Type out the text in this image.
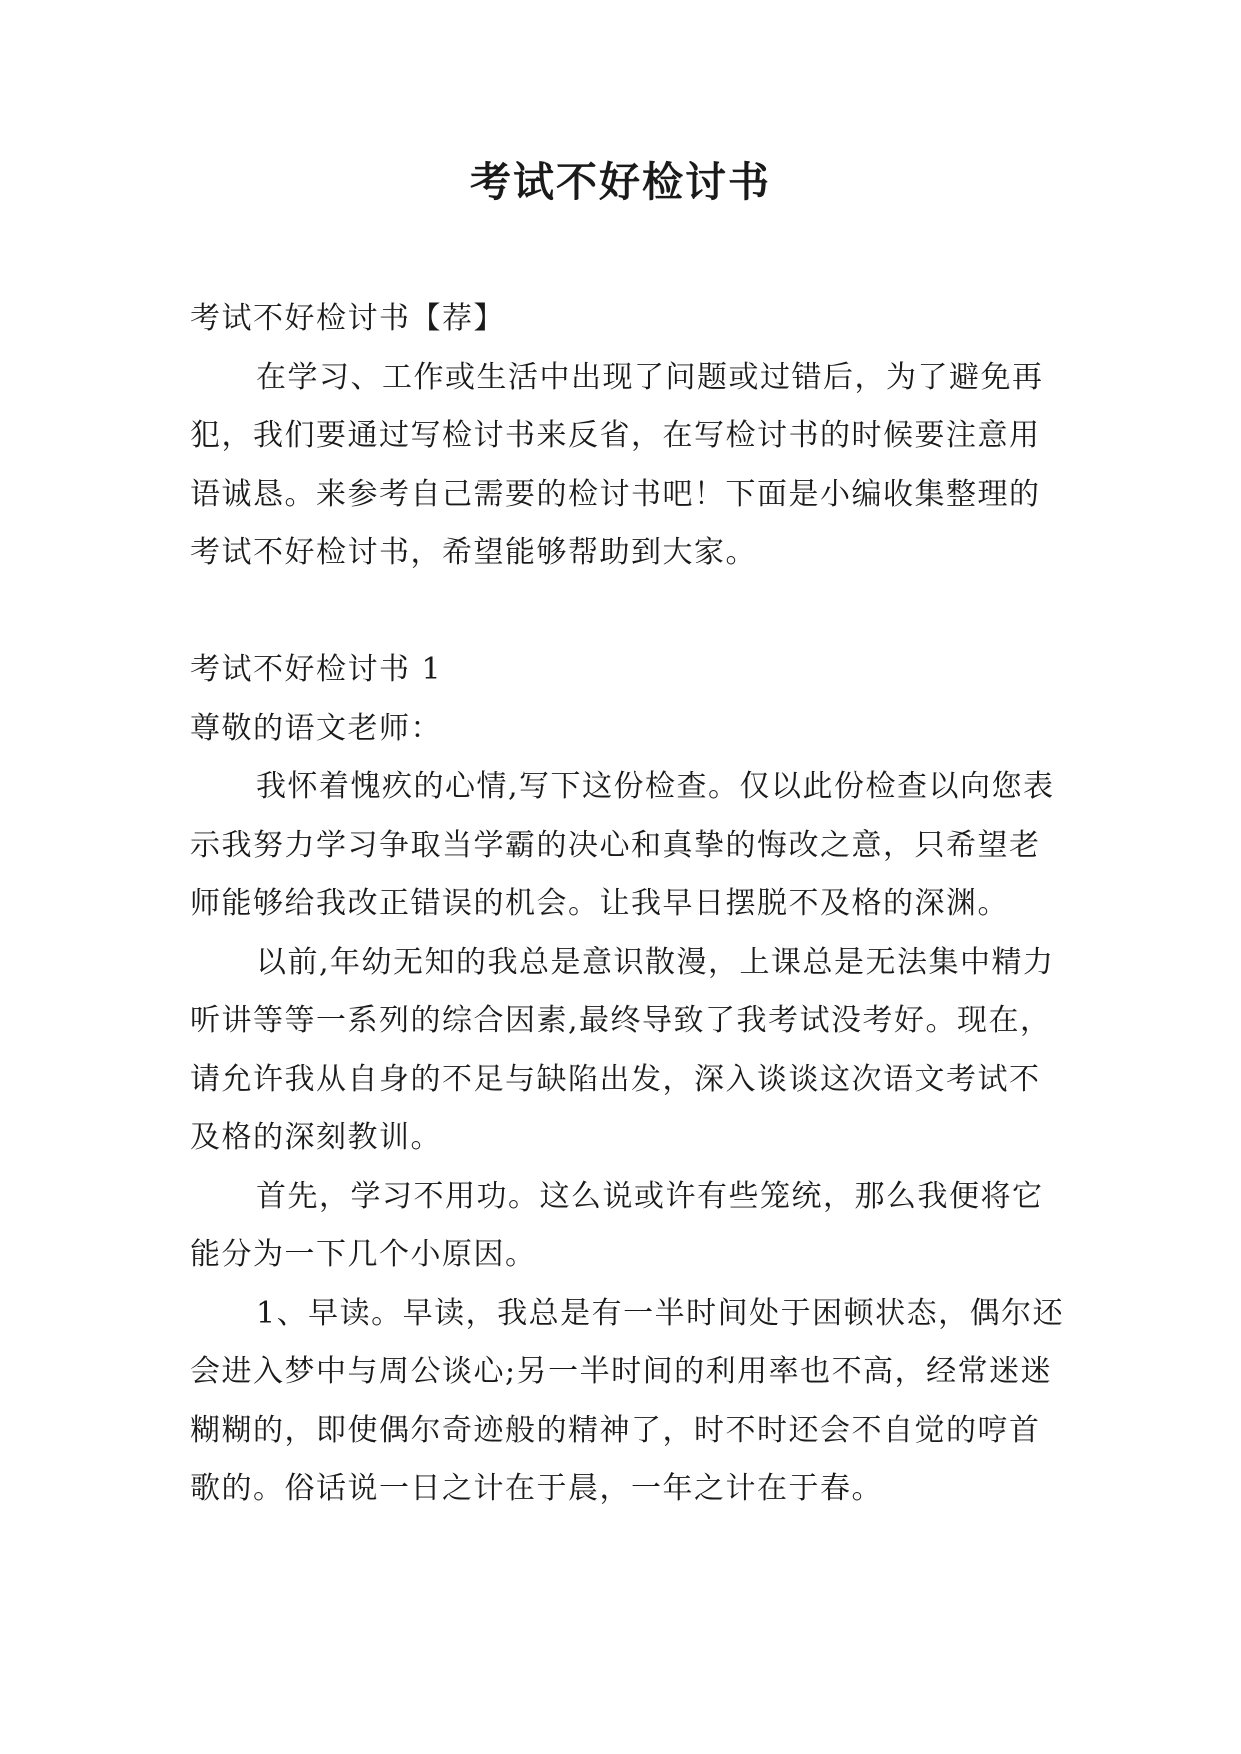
考试不好检讨书

考试不好检讨书【荐】

在学习、工作或生活中出现了问题或过错后，为了避免再犯，我们要通过写检讨书来反省，在写检讨书的时候要注意用语诚恳。来参考自己需要的检讨书吧！下面是小编收集整理的考试不好检讨书，希望能够帮助到大家。

考试不好检讨书 1

尊敬的语文老师：

我怀着愧疚的心情,写下这份检查。仅以此份检查以向您表示我努力学习争取当学霸的决心和真挚的悔改之意，只希望老师能够给我改正错误的机会。让我早日摆脱不及格的深渊。

以前,年幼无知的我总是意识散漫，上课总是无法集中精力听讲等等一系列的综合因素,最终导致了我考试没考好。现在，请允许我从自身的不足与缺陷出发，深入谈谈这次语文考试不及格的深刻教训。

首先，学习不用功。这么说或许有些笼统，那么我便将它能分为一下几个小原因。

1、早读。早读，我总是有一半时间处于困顿状态，偶尔还会进入梦中与周公谈心;另一半时间的利用率也不高，经常迷迷糊糊的，即使偶尔奇迹般的精神了，时不时还会不自觉的哼首歌的。俗话说一日之计在于晨，一年之计在于春。
